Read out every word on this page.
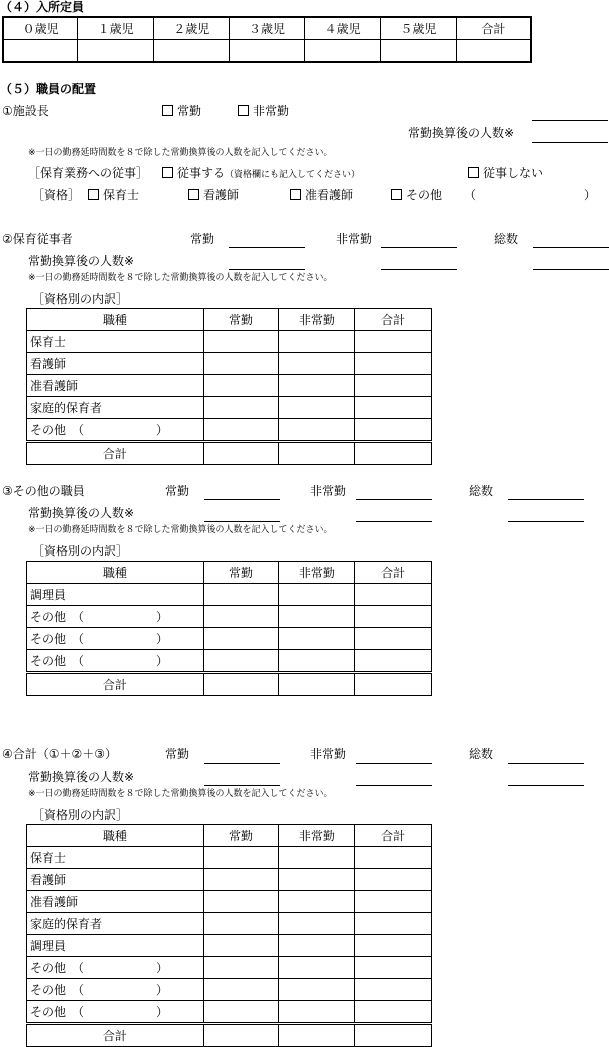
（４）入所定員
０歳児	１歳児	２歳児	３歳児	４歳児	５歳児	合計

（５）職員の配置
①施設長	常勤	非常勤
常勤換算後の人数※
※一日の勤務延時間数を８で除した常勤換算後の人数を記入してください。
［保育業務への従事］	従事する（資格欄にも記入してください）	従事しない
［資格］	保育士	看護師	准看護師	その他 （	）
②保育従事者	常勤	非常勤	総数
常勤換算後の人数※
※一日の勤務延時間数を８で除した常勤換算後の人数を記入してください。
［資格別の内訳］
職種	常勤	非常勤	合計
保育士			
看護師			
准看護師			
家庭的保育者			
その他　（　　　　　　）			
合計			
③その他の職員	常勤	非常勤	総数
常勤換算後の人数※
※一日の勤務延時間数を８で除した常勤換算後の人数を記入してください。
［資格別の内訳］
職種	常勤	非常勤	合計
調理員			
その他　（　　　　　　）			
その他　（　　　　　　）			
その他　（　　　　　　）			
合計			
④合計（①＋②＋③）	常勤	非常勤	総数
常勤換算後の人数※
※一日の勤務延時間数を８で除した常勤換算後の人数を記入してください。
［資格別の内訳］
職種	常勤	非常勤	合計
保育士			
看護師			
准看護師			
家庭的保育者			
調理員			
その他　（　　　　　　）			
その他　（　　　　　　）			
その他　（　　　　　　）			
合計			
